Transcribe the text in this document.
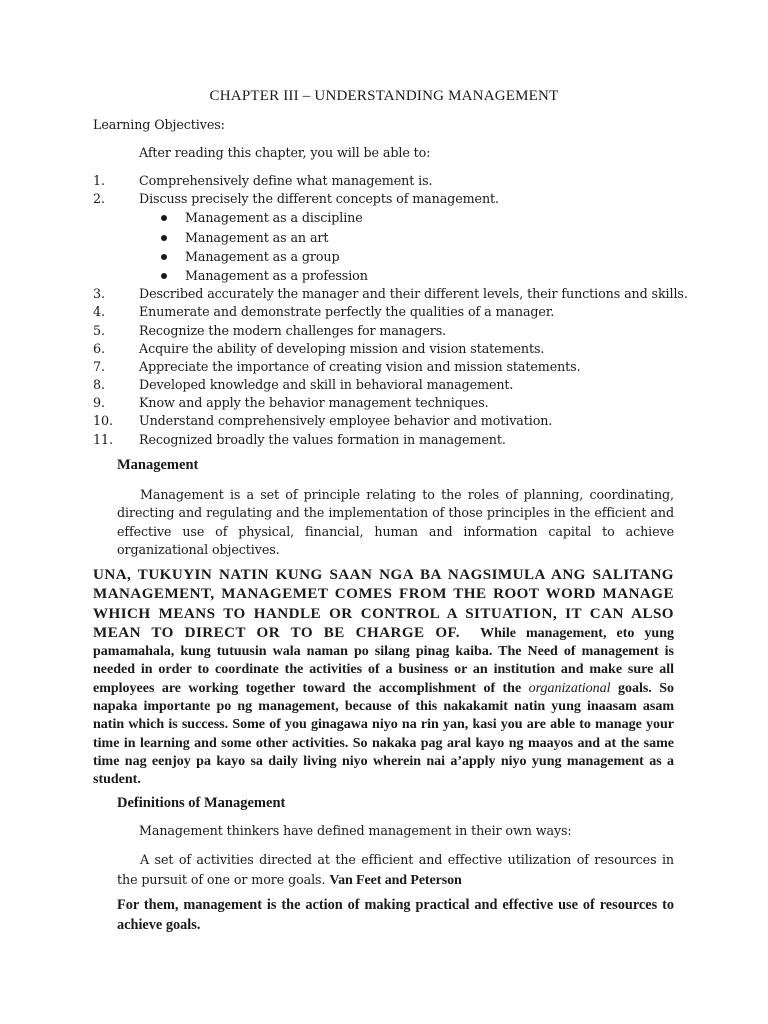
CHAPTER III – UNDERSTANDING MANAGEMENT
Learning Objectives:
After reading this chapter, you will be able to:
1.	Comprehensively define what management is.
2.	Discuss precisely the different concepts of management.
Management as a discipline
Management as an art
Management as a group
Management as a profession
3.	Described accurately the manager and their different levels, their functions and skills.
4.	Enumerate and demonstrate perfectly the qualities of a manager.
5.	Recognize the modern challenges for managers.
6.	Acquire the ability of developing mission and vision statements.
7.	Appreciate the importance of creating vision and mission statements.
8.	Developed knowledge and skill in behavioral management.
9.	Know and apply the behavior management techniques.
10. Understand comprehensively employee behavior and motivation.
11. Recognized broadly the values formation in management.
Management
Management is a set of principle relating to the roles of planning, coordinating, directing and regulating and the implementation of those principles in the efficient and effective use of physical, financial, human and information capital to achieve organizational objectives.
UNA, TUKUYIN NATIN KUNG SAAN NGA BA NAGSIMULA ANG SALITANG MANAGEMENT, MANAGEMET COMES FROM THE ROOT WORD MANAGE WHICH MEANS TO HANDLE OR CONTROL A SITUATION, IT CAN ALSO MEAN TO DIRECT OR TO BE CHARGE OF. While management, eto yung pamamahala, kung tutuusin wala naman po silang pinag kaiba. The Need of management is needed in order to coordinate the activities of a business or an institution and make sure all employees are working together toward the accomplishment of the organizational goals. So napaka importante po ng management, because of this nakakamit natin yung inaasam asam natin which is success. Some of you ginagawa niyo na rin yan, kasi you are able to manage your time in learning and some other activities. So nakaka pag aral kayo ng maayos and at the same time nag eenjoy pa kayo sa daily living niyo wherein nai a’apply niyo yung management as a student.
Definitions of Management
Management thinkers have defined management in their own ways:
A set of activities directed at the efficient and effective utilization of resources in the pursuit of one or more goals. Van Feet and Peterson
For them, management is the action of making practical and effective use of resources to achieve goals.
